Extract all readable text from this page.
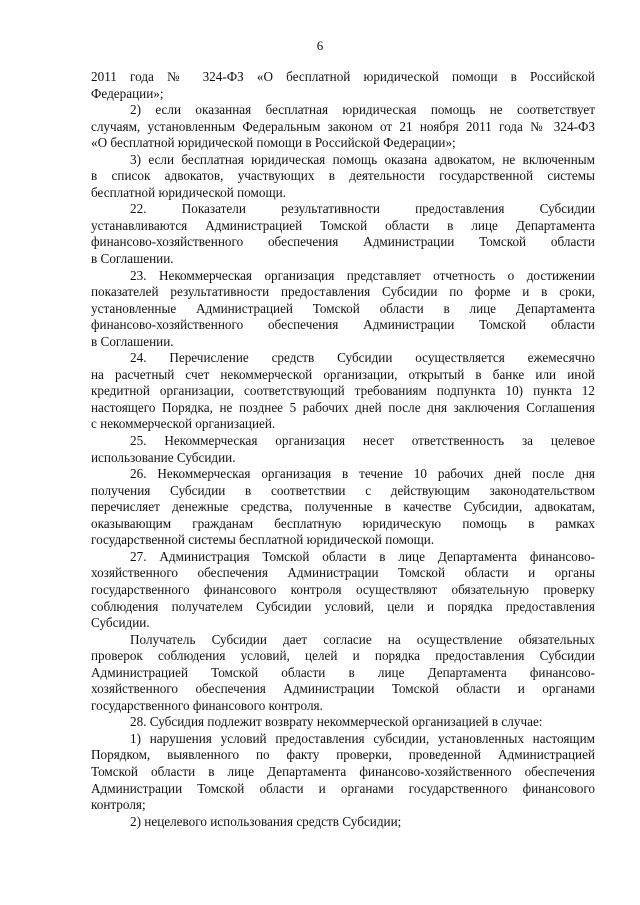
6
2011 года № 324-ФЗ «О бесплатной юридической помощи в Российской
Федерации»;
2) если оказанная бесплатная юридическая помощь не соответствует
случаям, установленным Федеральным законом от 21 ноября 2011 года № 324-ФЗ
«О бесплатной юридической помощи в Российской Федерации»;
3) если бесплатная юридическая помощь оказана адвокатом, не включенным
в список адвокатов, участвующих в деятельности государственной системы
бесплатной юридической помощи.
22. Показатели результативности предоставления Субсидии
устанавливаются Администрацией Томской области в лице Департамента
финансово-хозяйственного обеспечения Администрации Томской области
в Соглашении.
23. Некоммерческая организация представляет отчетность о достижении
показателей результативности предоставления Субсидии по форме и в сроки,
установленные Администрацией Томской области в лице Департамента
финансово-хозяйственного обеспечения Администрации Томской области
в Соглашении.
24. Перечисление средств Субсидии осуществляется ежемесячно
на расчетный счет некоммерческой организации, открытый в банке или иной
кредитной организации, соответствующий требованиям подпункта 10) пункта 12
настоящего Порядка, не позднее 5 рабочих дней после дня заключения Соглашения
с некоммерческой организацией.
25. Некоммерческая организация несет ответственность за целевое
использование Субсидии.
26. Некоммерческая организация в течение 10 рабочих дней после дня
получения Субсидии в соответствии с действующим законодательством
перечисляет денежные средства, полученные в качестве Субсидии, адвокатам,
оказывающим гражданам бесплатную юридическую помощь в рамках
государственной системы бесплатной юридической помощи.
27. Администрация Томской области в лице Департамента финансово-
хозяйственного обеспечения Администрации Томской области и органы
государственного финансового контроля осуществляют обязательную проверку
соблюдения получателем Субсидии условий, цели и порядка предоставления
Субсидии.
Получатель Субсидии дает согласие на осуществление обязательных
проверок соблюдения условий, целей и порядка предоставления Субсидии
Администрацией Томской области в лице Департамента финансово-
хозяйственного обеспечения Администрации Томской области и органами
государственного финансового контроля.
28. Субсидия подлежит возврату некоммерческой организацией в случае:
1) нарушения условий предоставления субсидии, установленных настоящим
Порядком, выявленного по факту проверки, проведенной Администрацией
Томской области в лице Департамента финансово-хозяйственного обеспечения
Администрации Томской области и органами государственного финансового
контроля;
2) нецелевого использования средств Субсидии;
